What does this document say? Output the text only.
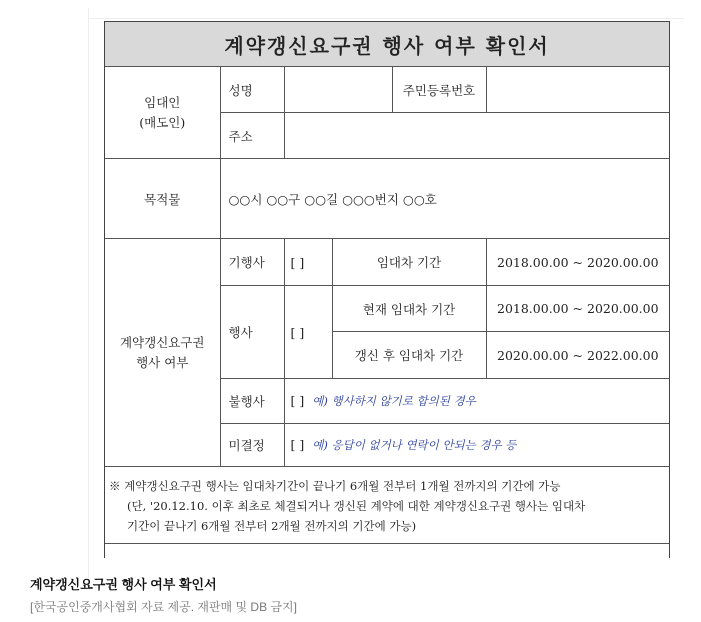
계약갱신요구권 행사 여부 확인서					
임대인
(매도인)	성명			주민등록번호	
	주소				
목적물	○○시 ○○구 ○○길 ○○○번지 ○○호				
계약갱신요구권
행사 여부	기행사	[ ]	임대차 기간		2018.00.00 ~ 2020.00.00
	행사	[ ]	현재 임대차 기간		2018.00.00 ~ 2020.00.00
			갱신 후 임대차 기간		2020.00.00 ~ 2022.00.00
	불행사	[ ] 예) 행사하지 않기로 합의된 경우			
	미결정	[ ] 예) 응답이 없거나 연락이 안되는 경우 등			

※ 계약갱신요구권 행사는 임대차기간이 끝나기 6개월 전부터 1개월 전까지의 기간에 가능
(단, '20.12.10. 이후 최초로 체결되거나 갱신된 계약에 대한 계약갱신요구권 행사는 임대차
기간이 끝나기 6개월 전부터 2개월 전까지의 기간에 가능)					
계약갱신요구권 행사 여부 확인서
[한국공인중개사협회 자료 제공. 재판매 및 DB 금지]
